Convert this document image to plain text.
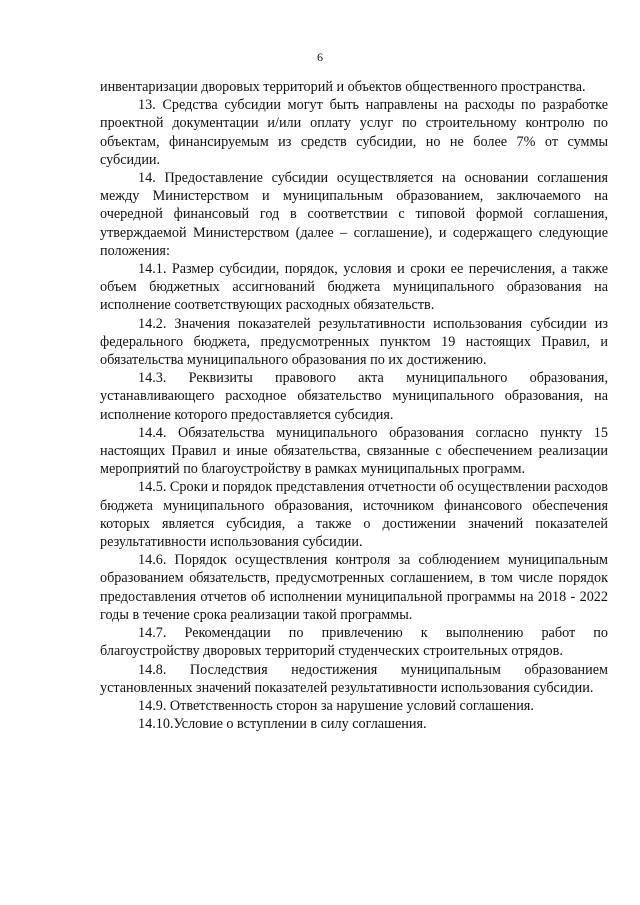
6

инвентаризации дворовых территорий и объектов общественного пространства.

13. Средства субсидии могут быть направлены на расходы по разработке проектной документации и/или оплату услуг по строительному контролю по объектам, финансируемым из средств субсидии, но не более 7% от суммы субсидии.

14. Предоставление субсидии осуществляется на основании соглашения между Министерством и муниципальным образованием, заключаемого на очередной финансовый год в соответствии с типовой формой соглашения, утверждаемой Министерством (далее – соглашение), и содержащего следующие положения:

14.1. Размер субсидии, порядок, условия и сроки ее перечисления, а также объем бюджетных ассигнований бюджета муниципального образования на исполнение соответствующих расходных обязательств.

14.2. Значения показателей результативности использования субсидии из федерального бюджета, предусмотренных пунктом 19 настоящих Правил, и обязательства муниципального образования по их достижению.

14.3. Реквизиты правового акта муниципального образования, устанавливающего расходное обязательство муниципального образования, на исполнение которого предоставляется субсидия.

14.4. Обязательства муниципального образования согласно пункту 15 настоящих Правил и иные обязательства, связанные с обеспечением реализации мероприятий по благоустройству в рамках муниципальных программ.

14.5. Сроки и порядок представления отчетности об осуществлении расходов бюджета муниципального образования, источником финансового обеспечения которых является субсидия, а также о достижении значений показателей результативности использования субсидии.

14.6. Порядок осуществления контроля за соблюдением муниципальным образованием обязательств, предусмотренных соглашением, в том числе порядок предоставления отчетов об исполнении муниципальной программы на 2018 - 2022 годы в течение срока реализации такой программы.

14.7. Рекомендации по привлечению к выполнению работ по благоустройству дворовых территорий студенческих строительных отрядов.

14.8. Последствия недостижения муниципальным образованием установленных значений показателей результативности использования субсидии.

14.9. Ответственность сторон за нарушение условий соглашения.

14.10.Условие о вступлении в силу соглашения.
